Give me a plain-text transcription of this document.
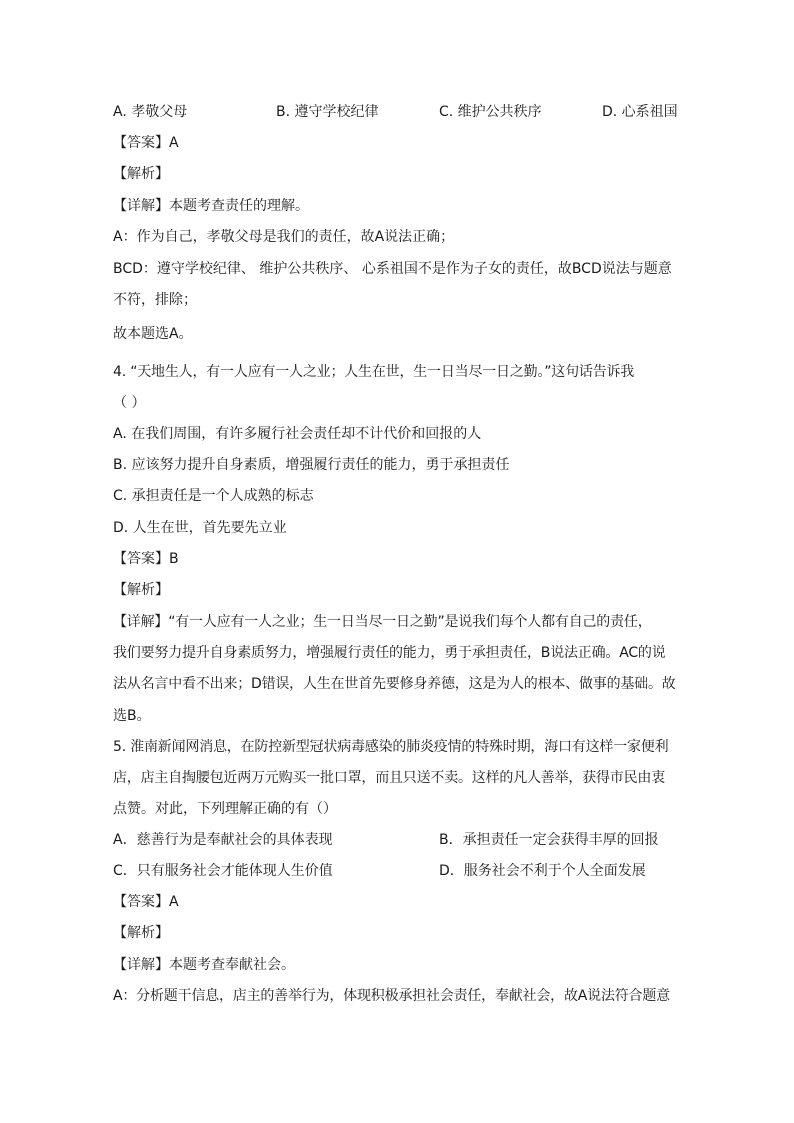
A. 孝敬父母	B. 遵守学校纪律	C. 维护公共秩序	D. 心系祖国
【答案】A
【解析】
【详解】本题考查责任的理解。
A：作为自己，孝敬父母是我们的责任，故A说法正确；
BCD：遵守学校纪律、 维护公共秩序、 心系祖国不是作为子女的责任，故BCD说法与题意
不符，排除；
故本题选A。
4. “天地生人，有一人应有一人之业；人生在世，生一日当尽一日之勤。”这句话告诉我
（ ）
A. 在我们周围，有许多履行社会责任却不计代价和回报的人
B. 应该努力提升自身素质，增强履行责任的能力，勇于承担责任
C. 承担责任是一个人成熟的标志
D. 人生在世，首先要先立业
【答案】B
【解析】
【详解】“有一人应有一人之业；生一日当尽一日之勤”是说我们每个人都有自己的责任，
我们要努力提升自身素质努力，增强履行责任的能力，勇于承担责任，B说法正确。AC的说
法从名言中看不出来；D错误，人生在世首先要修身养德，这是为人的根本、做事的基础。故
选B。
5. 淮南新闻网消息，在防控新型冠状病毒感染的肺炎疫情的特殊时期，海口有这样一家便利
店，店主自掏腰包近两万元购买一批口罩，而且只送不卖。这样的凡人善举，获得市民由衷
点赞。对此，下列理解正确的有（）
A．慈善行为是奉献社会的具体表现	B．承担责任一定会获得丰厚的回报
C．只有服务社会才能体现人生价值	D．服务社会不利于个人全面发展
【答案】A
【解析】
【详解】本题考查奉献社会。
A：分析题干信息，店主的善举行为，体现积极承担社会责任，奉献社会，故A说法符合题意
